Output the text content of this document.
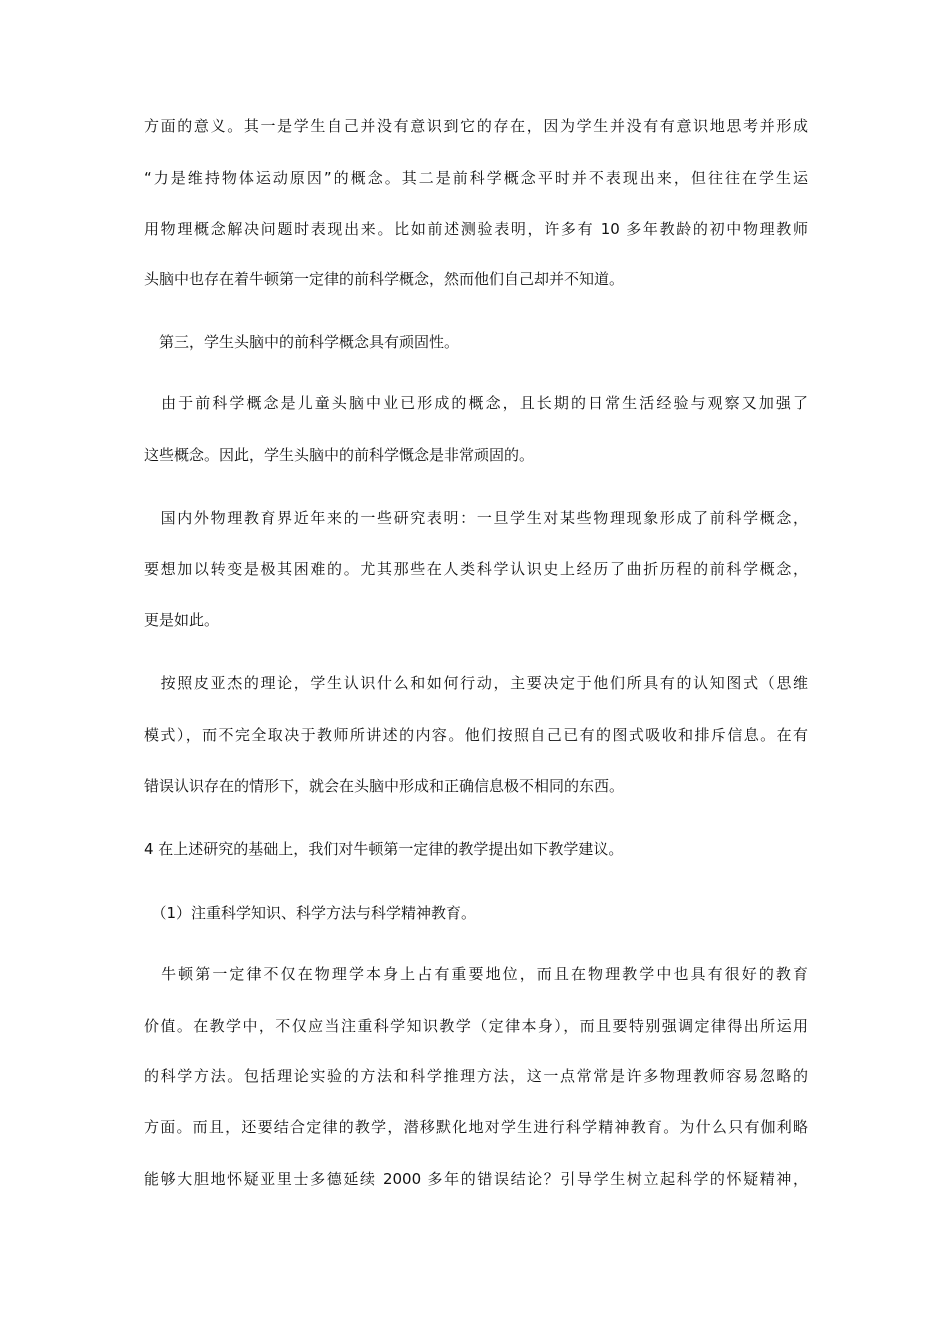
方面的意义。其一是学生自己并没有意识到它的存在，因为学生并没有有意识地思考并形成
“力是维持物体运动原因”的概念。其二是前科学概念平时并不表现出来，但往往在学生运
用物理概念解决问题时表现出来。比如前述测验表明，许多有 10 多年教龄的初中物理教师
头脑中也存在着牛顿第一定律的前科学概念，然而他们自己却并不知道。
　第三，学生头脑中的前科学概念具有顽固性。
　由于前科学概念是儿童头脑中业已形成的概念，且长期的日常生活经验与观察又加强了
这些概念。因此，学生头脑中的前科学慨念是非常顽固的。
　国内外物理教育界近年来的一些研究表明：一旦学生对某些物理现象形成了前科学概念，
要想加以转变是极其困难的。尤其那些在人类科学认识史上经历了曲折历程的前科学概念，
更是如此。
　按照皮亚杰的理论，学生认识什么和如何行动，主要决定于他们所具有的认知图式（思维
模式），而不完全取决于教师所讲述的内容。他们按照自己已有的图式吸收和排斥信息。在有
错误认识存在的情形下，就会在头脑中形成和正确信息极不相同的东西。
4 在上述研究的基础上，我们对牛顿第一定律的教学提出如下教学建议。
　（1）注重科学知识、科学方法与科学精神教育。
　牛顿第一定律不仅在物理学本身上占有重要地位，而且在物理教学中也具有很好的教育
价值。在教学中，不仅应当注重科学知识教学（定律本身），而且要特别强调定律得出所运用
的科学方法。包括理论实验的方法和科学推理方法，这一点常常是许多物理教师容易忽略的
方面。而且，还要结合定律的教学，潜移默化地对学生进行科学精神教育。为什么只有伽利略
能够大胆地怀疑亚里士多德延续 2000 多年的错误结论？引导学生树立起科学的怀疑精神，
